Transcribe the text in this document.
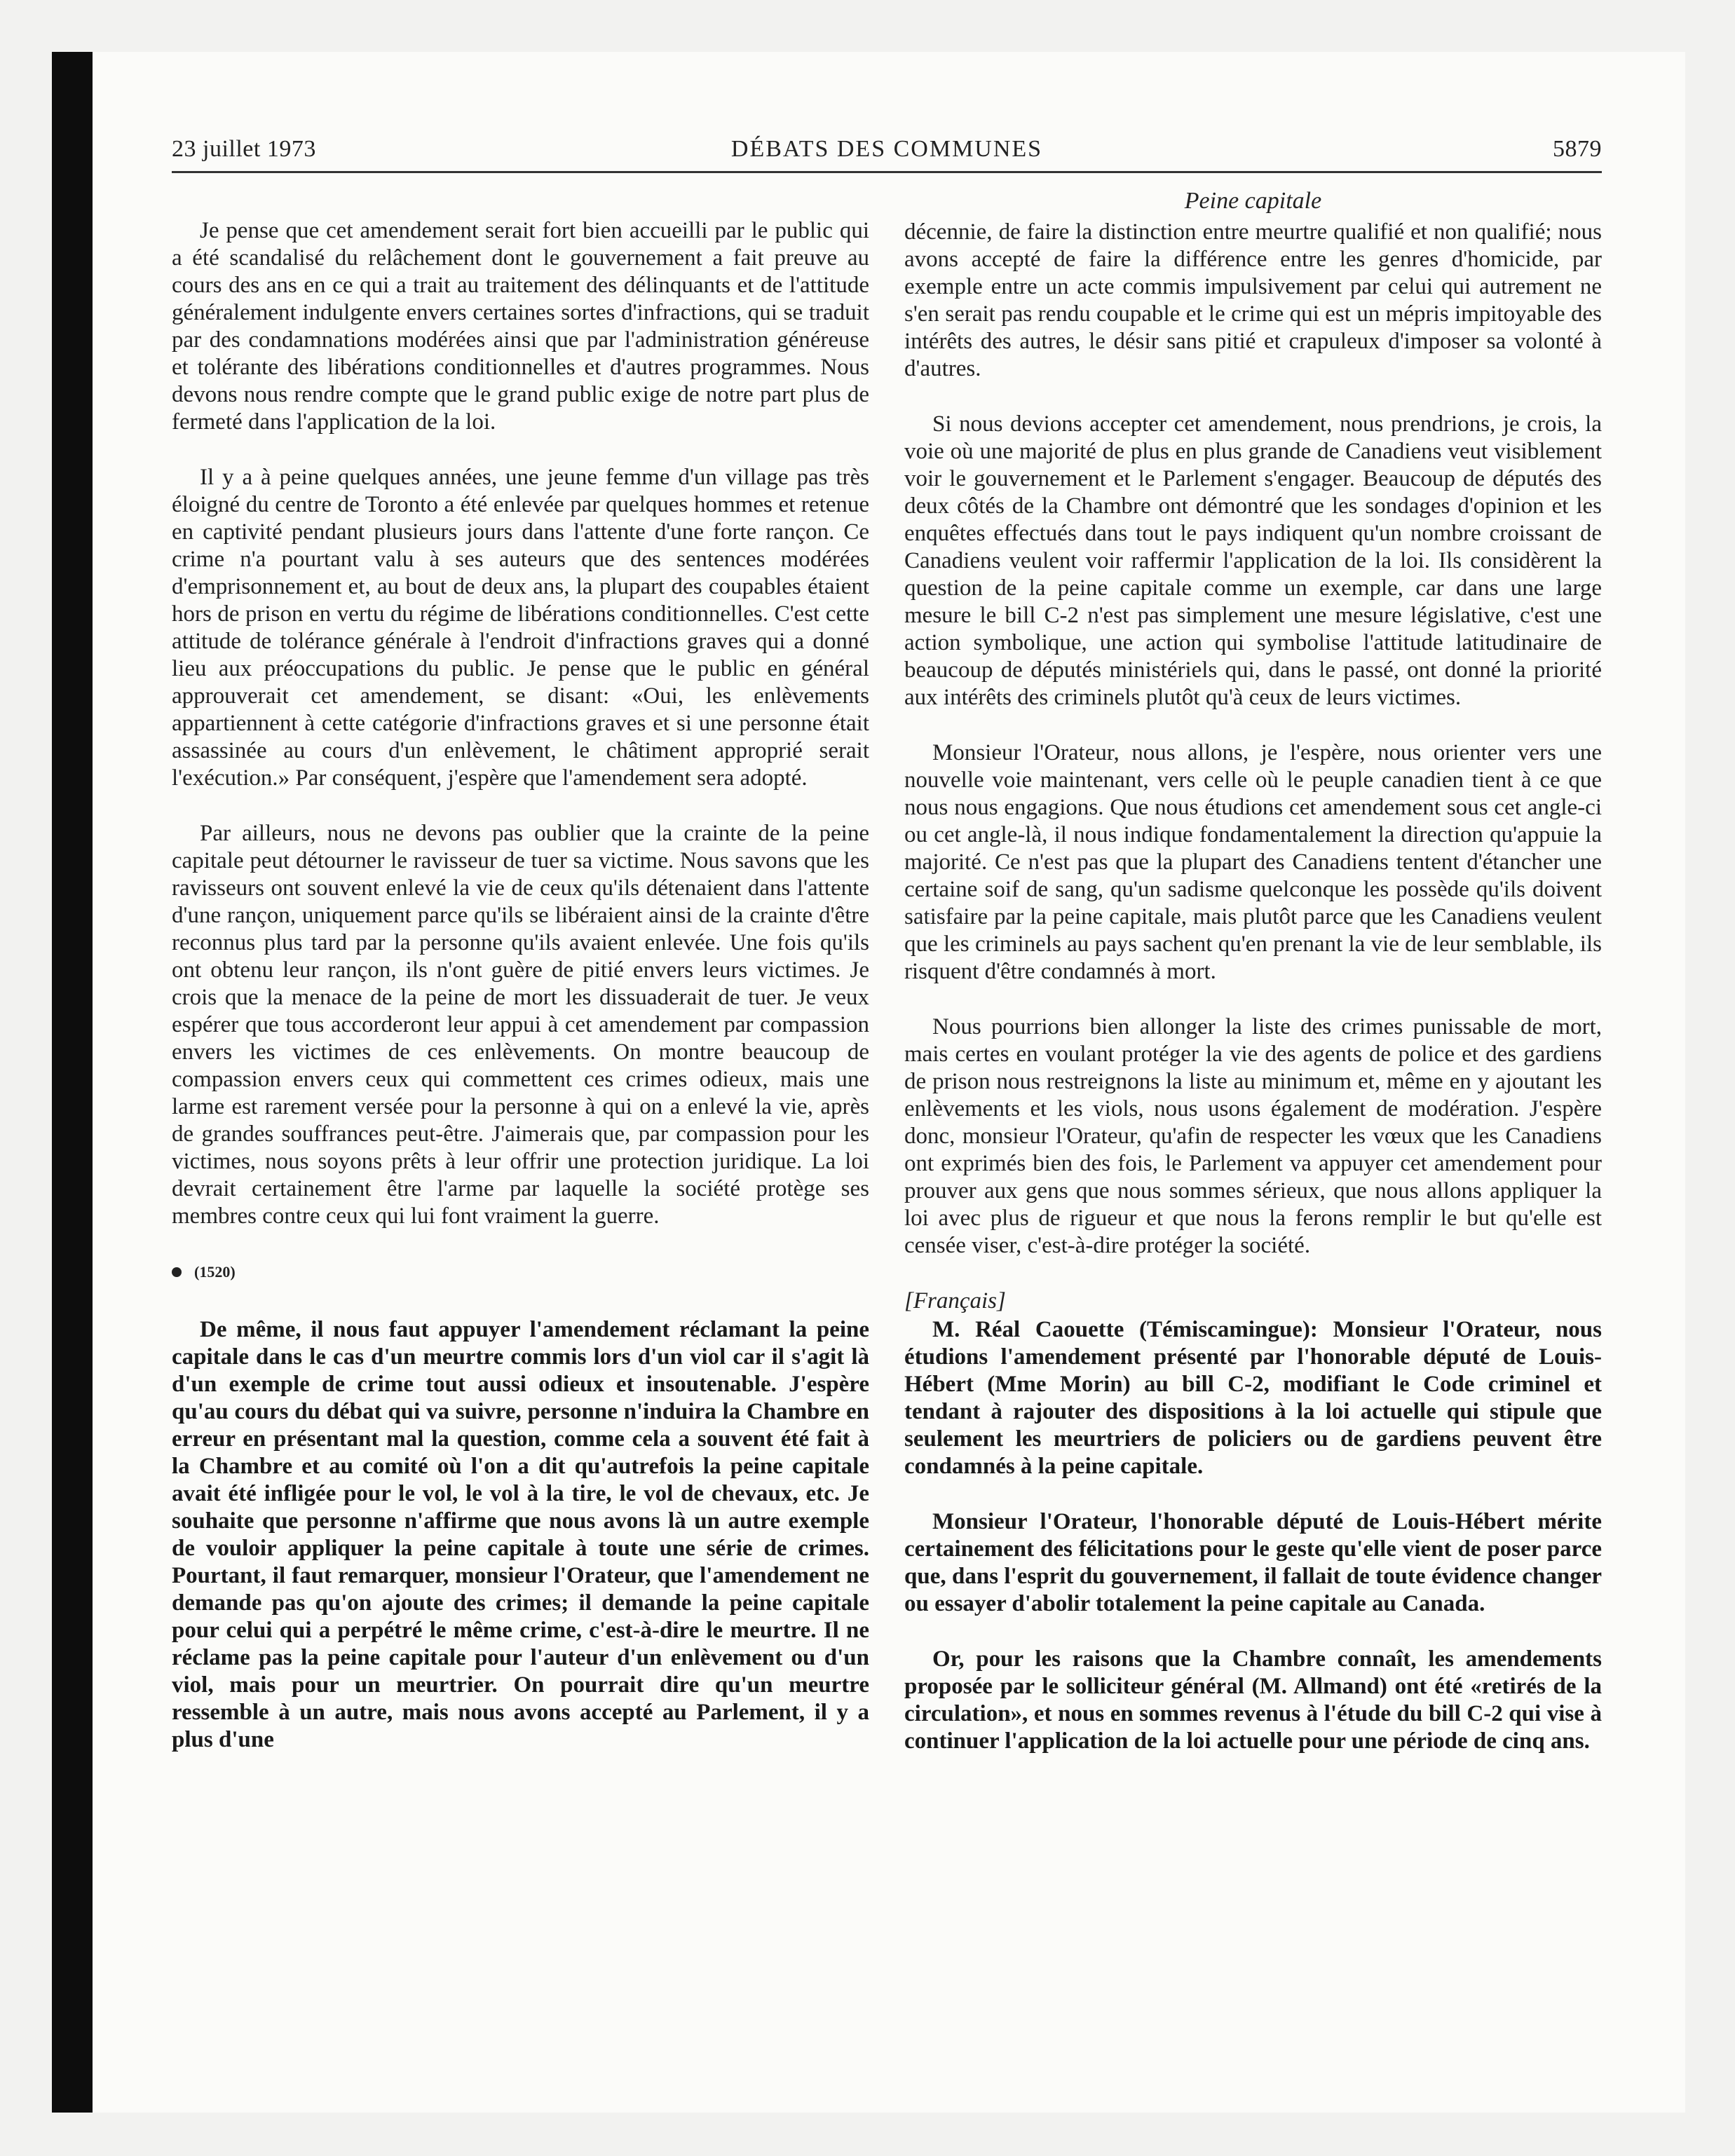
23 juillet 1973	DÉBATS DES COMMUNES	5879
Peine capitale

Je pense que cet amendement serait fort bien accueilli par le public qui a été scandalisé du relâchement dont le gouvernement a fait preuve au cours des ans en ce qui a trait au traitement des délinquants et de l'attitude généralement indulgente envers certaines sortes d'infractions, qui se traduit par des condamnations modérées ainsi que par l'administration généreuse et tolérante des libérations conditionnelles et d'autres programmes. Nous devons nous rendre compte que le grand public exige de notre part plus de fermeté dans l'application de la loi.

Il y a à peine quelques années, une jeune femme d'un village pas très éloigné du centre de Toronto a été enlevée par quelques hommes et retenue en captivité pendant plusieurs jours dans l'attente d'une forte rançon. Ce crime n'a pourtant valu à ses auteurs que des sentences modérées d'emprisonnement et, au bout de deux ans, la plupart des coupables étaient hors de prison en vertu du régime de libérations conditionnelles. C'est cette attitude de tolérance générale à l'endroit d'infractions graves qui a donné lieu aux préoccupations du public. Je pense que le public en général approuverait cet amendement, se disant: «Oui, les enlèvements appartiennent à cette catégorie d'infractions graves et si une personne était assassinée au cours d'un enlèvement, le châtiment approprié serait l'exécution.» Par conséquent, j'espère que l'amendement sera adopté.

Par ailleurs, nous ne devons pas oublier que la crainte de la peine capitale peut détourner le ravisseur de tuer sa victime. Nous savons que les ravisseurs ont souvent enlevé la vie de ceux qu'ils détenaient dans l'attente d'une rançon, uniquement parce qu'ils se libéraient ainsi de la crainte d'être reconnus plus tard par la personne qu'ils avaient enlevée. Une fois qu'ils ont obtenu leur rançon, ils n'ont guère de pitié envers leurs victimes. Je crois que la menace de la peine de mort les dissuaderait de tuer. Je veux espérer que tous accorderont leur appui à cet amendement par compassion envers les victimes de ces enlèvements. On montre beaucoup de compassion envers ceux qui commettent ces crimes odieux, mais une larme est rarement versée pour la personne à qui on a enlevé la vie, après de grandes souffrances peut-être. J'aimerais que, par compassion pour les victimes, nous soyons prêts à leur offrir une protection juridique. La loi devrait certainement être l'arme par laquelle la société protège ses membres contre ceux qui lui font vraiment la guerre.

(1520)

De même, il nous faut appuyer l'amendement réclamant la peine capitale dans le cas d'un meurtre commis lors d'un viol car il s'agit là d'un exemple de crime tout aussi odieux et insoutenable. J'espère qu'au cours du débat qui va suivre, personne n'induira la Chambre en erreur en présentant mal la question, comme cela a souvent été fait à la Chambre et au comité où l'on a dit qu'autrefois la peine capitale avait été infligée pour le vol, le vol à la tire, le vol de chevaux, etc. Je souhaite que personne n'affirme que nous avons là un autre exemple de vouloir appliquer la peine capitale à toute une série de crimes. Pourtant, il faut remarquer, monsieur l'Orateur, que l'amendement ne demande pas qu'on ajoute des crimes; il demande la peine capitale pour celui qui a perpétré le même crime, c'est-à-dire le meurtre. Il ne réclame pas la peine capitale pour l'auteur d'un enlèvement ou d'un viol, mais pour un meurtrier. On pourrait dire qu'un meurtre ressemble à un autre, mais nous avons accepté au Parlement, il y a plus d'une

décennie, de faire la distinction entre meurtre qualifié et non qualifié; nous avons accepté de faire la différence entre les genres d'homicide, par exemple entre un acte commis impulsivement par celui qui autrement ne s'en serait pas rendu coupable et le crime qui est un mépris impitoyable des intérêts des autres, le désir sans pitié et crapuleux d'imposer sa volonté à d'autres.

Si nous devions accepter cet amendement, nous prendrions, je crois, la voie où une majorité de plus en plus grande de Canadiens veut visiblement voir le gouvernement et le Parlement s'engager. Beaucoup de députés des deux côtés de la Chambre ont démontré que les sondages d'opinion et les enquêtes effectués dans tout le pays indiquent qu'un nombre croissant de Canadiens veulent voir raffermir l'application de la loi. Ils considèrent la question de la peine capitale comme un exemple, car dans une large mesure le bill C-2 n'est pas simplement une mesure législative, c'est une action symbolique, une action qui symbolise l'attitude latitudinaire de beaucoup de députés ministériels qui, dans le passé, ont donné la priorité aux intérêts des criminels plutôt qu'à ceux de leurs victimes.

Monsieur l'Orateur, nous allons, je l'espère, nous orienter vers une nouvelle voie maintenant, vers celle où le peuple canadien tient à ce que nous nous engagions. Que nous étudions cet amendement sous cet angle-ci ou cet angle-là, il nous indique fondamentalement la direction qu'appuie la majorité. Ce n'est pas que la plupart des Canadiens tentent d'étancher une certaine soif de sang, qu'un sadisme quelconque les possède qu'ils doivent satisfaire par la peine capitale, mais plutôt parce que les Canadiens veulent que les criminels au pays sachent qu'en prenant la vie de leur semblable, ils risquent d'être condamnés à mort.

Nous pourrions bien allonger la liste des crimes punissable de mort, mais certes en voulant protéger la vie des agents de police et des gardiens de prison nous restreignons la liste au minimum et, même en y ajoutant les enlèvements et les viols, nous usons également de modération. J'espère donc, monsieur l'Orateur, qu'afin de respecter les vœux que les Canadiens ont exprimés bien des fois, le Parlement va appuyer cet amendement pour prouver aux gens que nous sommes sérieux, que nous allons appliquer la loi avec plus de rigueur et que nous la ferons remplir le but qu'elle est censée viser, c'est-à-dire protéger la société.

[Français]

M. Réal Caouette (Témiscamingue): Monsieur l'Orateur, nous étudions l'amendement présenté par l'honorable député de Louis-Hébert (Mme Morin) au bill C-2, modifiant le Code criminel et tendant à rajouter des dispositions à la loi actuelle qui stipule que seulement les meurtriers de policiers ou de gardiens peuvent être condamnés à la peine capitale.

Monsieur l'Orateur, l'honorable député de Louis-Hébert mérite certainement des félicitations pour le geste qu'elle vient de poser parce que, dans l'esprit du gouvernement, il fallait de toute évidence changer ou essayer d'abolir totalement la peine capitale au Canada.

Or, pour les raisons que la Chambre connaît, les amendements proposée par le solliciteur général (M. Allmand) ont été «retirés de la circulation», et nous en sommes revenus à l'étude du bill C-2 qui vise à continuer l'application de la loi actuelle pour une période de cinq ans.
